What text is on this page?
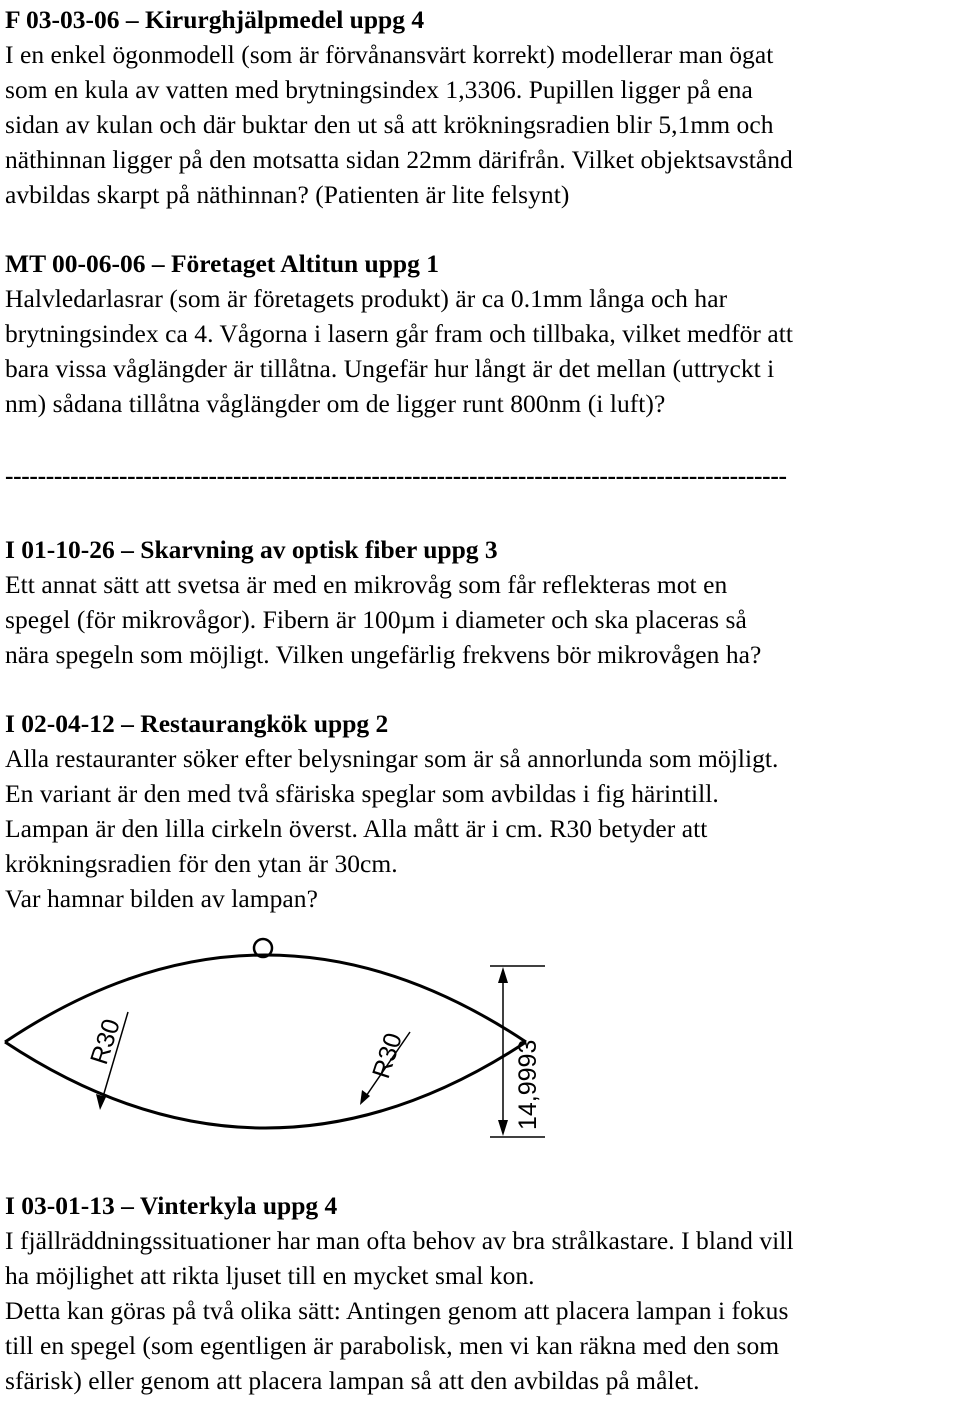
F 03-03-06 – Kirurghjälpmedel uppg 4
I en enkel ögonmodell (som är förvånansvärt korrekt) modellerar man ögat
som en kula av vatten med brytningsindex 1,3306. Pupillen ligger på ena
sidan av kulan och där buktar den ut så att krökningsradien blir 5,1mm och
näthinnan ligger på den motsatta sidan 22mm därifrån. Vilket objektsavstånd
avbildas skarpt på näthinnan? (Patienten är lite felsynt)
MT 00-06-06 – Företaget Altitun uppg 1
Halvledarlasrar (som är företagets produkt) är ca 0.1mm långa och har
brytningsindex ca 4. Vågorna i lasern går fram och tillbaka, vilket medför att
bara vissa våglängder är tillåtna. Ungefär hur långt är det mellan (uttryckt i
nm) sådana tillåtna våglängder om de ligger runt 800nm (i luft)?
------------------------------------------------------------------------------------------------
I 01-10-26 – Skarvning av optisk fiber uppg 3
Ett annat sätt att svetsa är med en mikrovåg som får reflekteras mot en
spegel (för mikrovågor). Fibern är 100µm i diameter och ska placeras så
nära spegeln som möjligt. Vilken ungefärlig frekvens bör mikrovågen ha?
I 02-04-12 – Restaurangkök uppg 2
Alla restauranter söker efter belysningar som är så annorlunda som möjligt.
En variant är den med två sfäriska speglar som avbildas i fig härintill.
Lampan är den lilla cirkeln överst. Alla mått är i cm. R30 betyder att
krökningsradien för den ytan är 30cm.
Var hamnar bilden av lampan?
R30	R30	14,9993
I 03-01-13 – Vinterkyla uppg 4
I fjällräddningssituationer har man ofta behov av bra strålkastare. I bland vill
ha möjlighet att rikta ljuset till en mycket smal kon.
Detta kan göras på två olika sätt: Antingen genom att placera lampan i fokus
till en spegel (som egentligen är parabolisk, men vi kan räkna med den som
sfärisk) eller genom att placera lampan så att den avbildas på målet.
